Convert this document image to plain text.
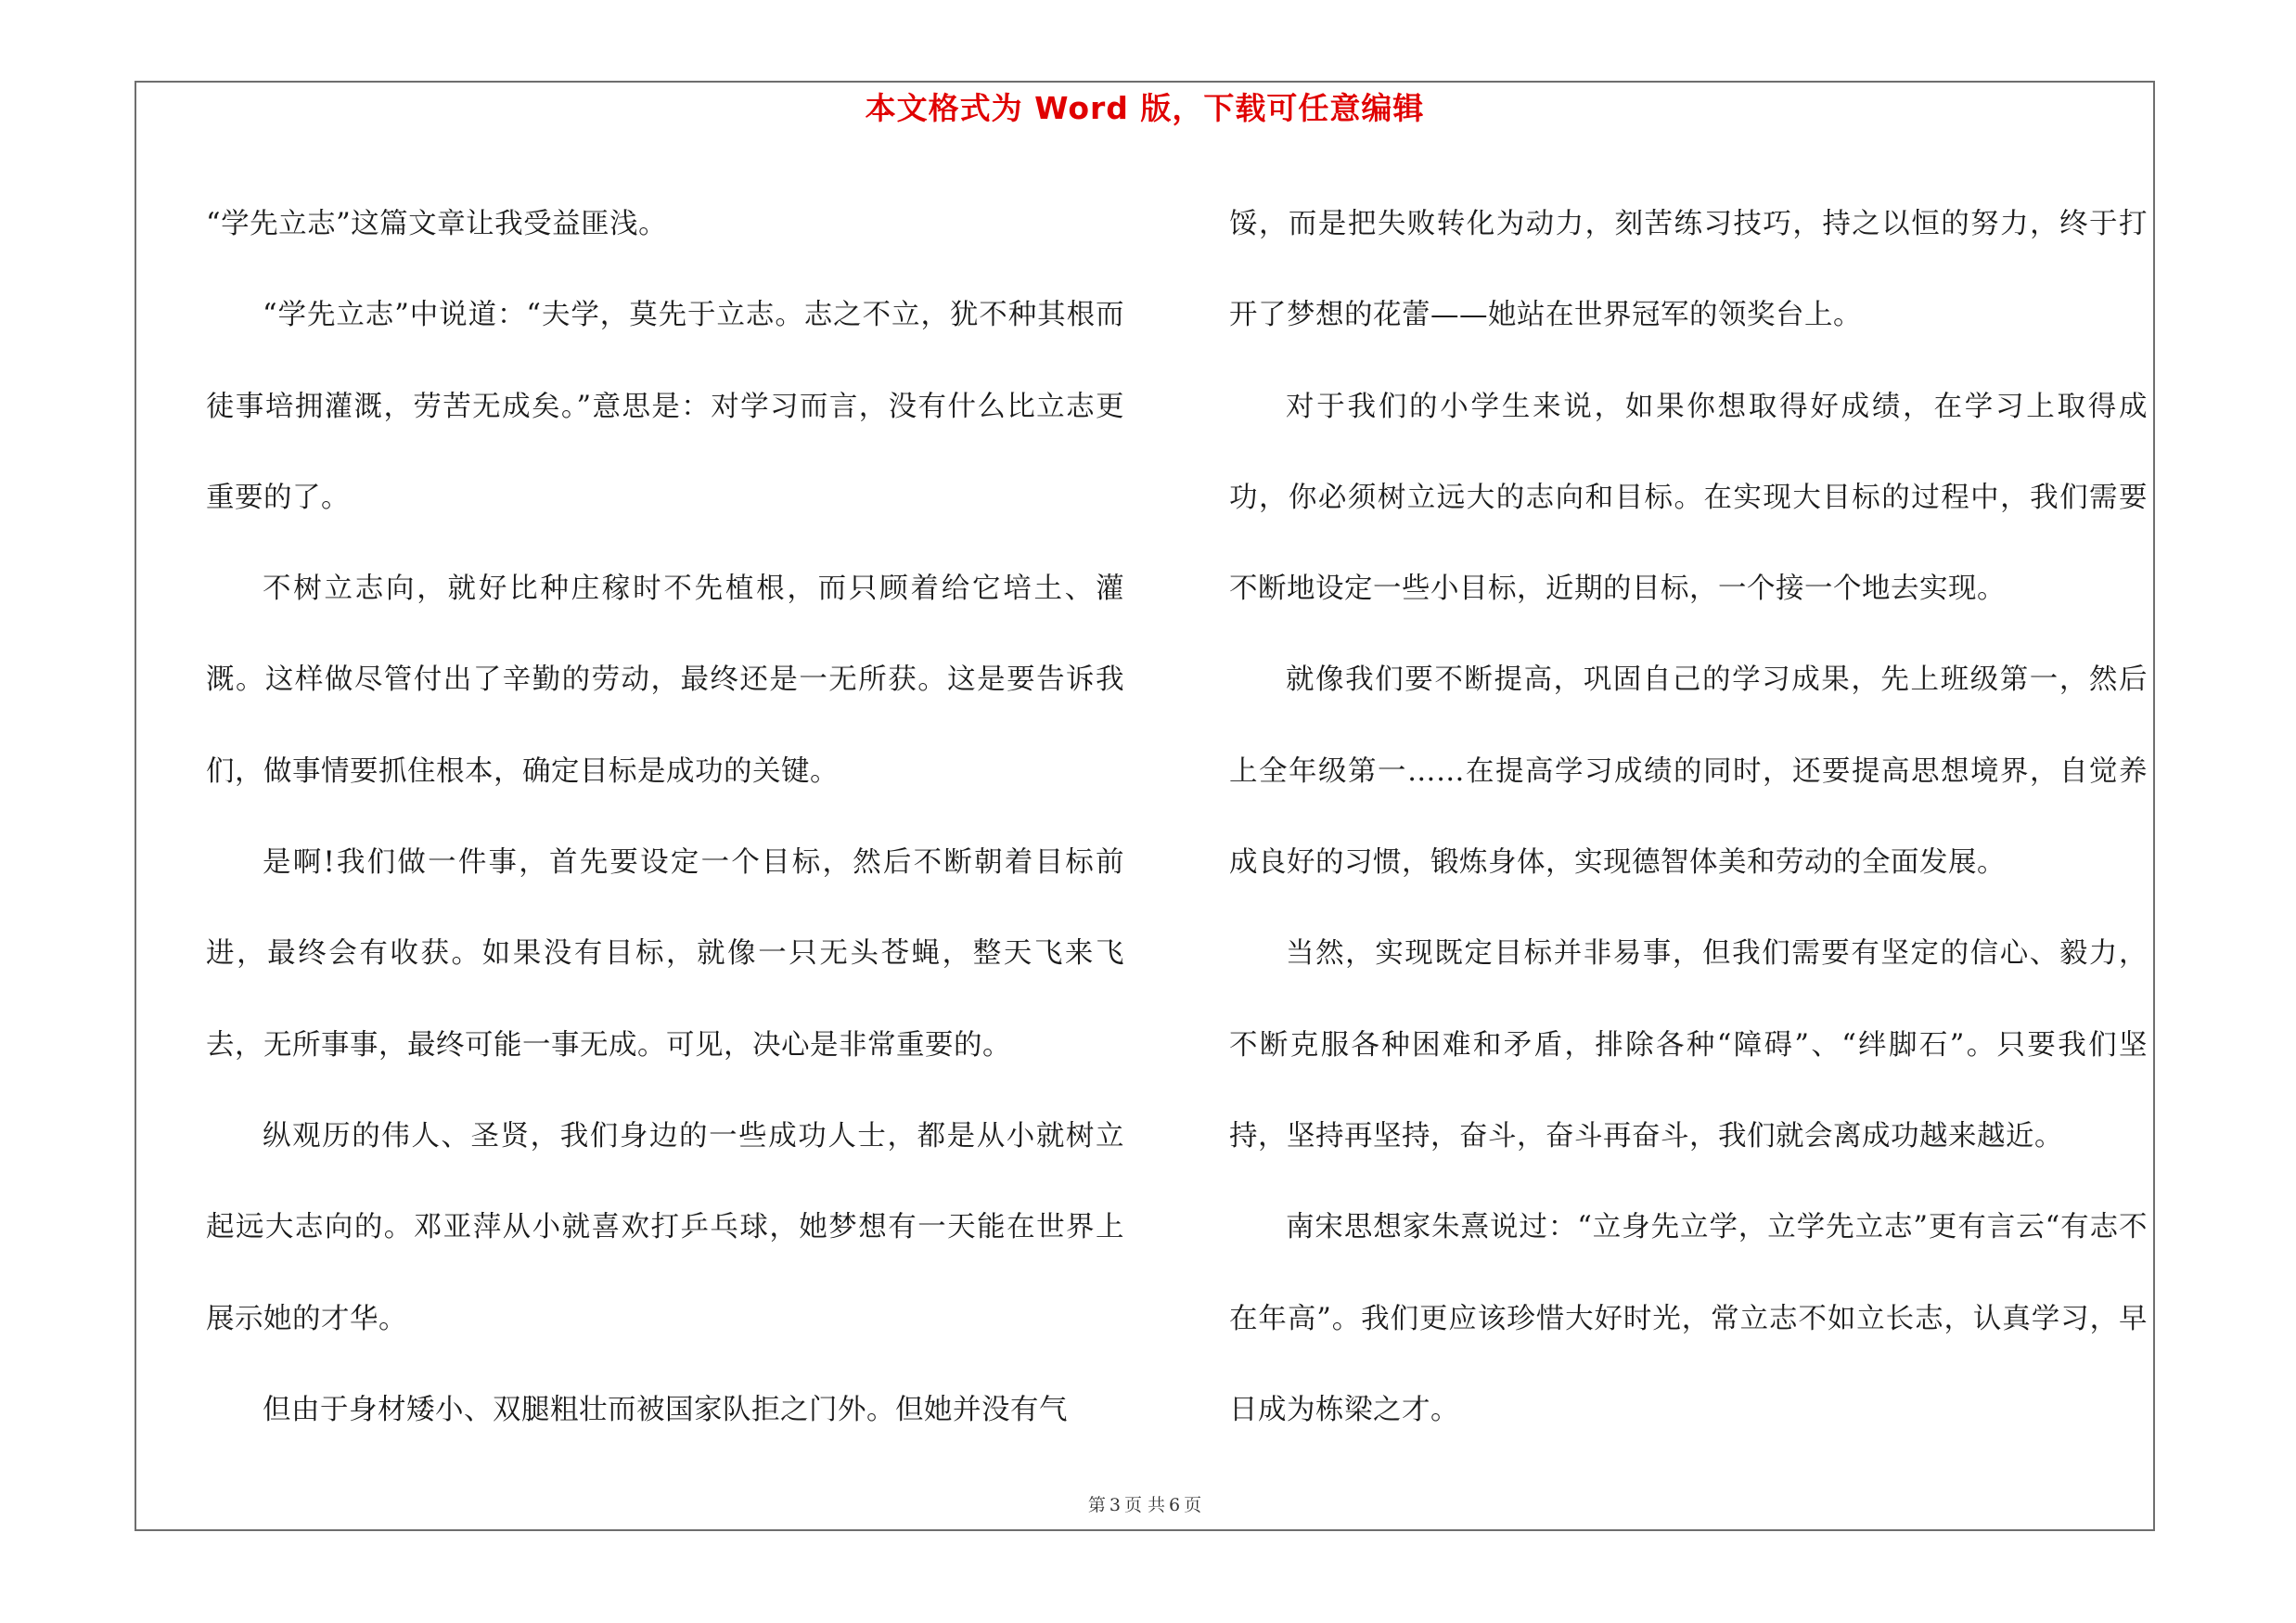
本文格式为 Word 版，下载可任意编辑

“学先立志”这篇文章让我受益匪浅。

“学先立志”中说道：“夫学，莫先于立志。志之不立，犹不种其根而徒事培拥灌溉，劳苦无成矣。”意思是：对学习而言，没有什么比立志更重要的了。

不树立志向，就好比种庄稼时不先植根，而只顾着给它培土、灌溉。这样做尽管付出了辛勤的劳动，最终还是一无所获。这是要告诉我们，做事情要抓住根本，确定目标是成功的关键。

是啊!我们做一件事，首先要设定一个目标，然后不断朝着目标前进，最终会有收获。如果没有目标，就像一只无头苍蝇，整天飞来飞去，无所事事，最终可能一事无成。可见，决心是非常重要的。

纵观历的伟人、圣贤，我们身边的一些成功人士，都是从小就树立起远大志向的。邓亚萍从小就喜欢打乒乓球，她梦想有一天能在世界上展示她的才华。

但由于身材矮小、双腿粗壮而被国家队拒之门外。但她并没有气

馁，而是把失败转化为动力，刻苦练习技巧，持之以恒的努力，终于打开了梦想的花蕾——她站在世界冠军的领奖台上。

对于我们的小学生来说，如果你想取得好成绩，在学习上取得成功，你必须树立远大的志向和目标。在实现大目标的过程中，我们需要不断地设定一些小目标，近期的目标，一个接一个地去实现。

就像我们要不断提高，巩固自己的学习成果，先上班级第一，然后上全年级第一……在提高学习成绩的同时，还要提高思想境界，自觉养成良好的习惯，锻炼身体，实现德智体美和劳动的全面发展。

当然，实现既定目标并非易事，但我们需要有坚定的信心、毅力，不断克服各种困难和矛盾，排除各种“障碍”、“绊脚石”。只要我们坚持，坚持再坚持，奋斗，奋斗再奋斗，我们就会离成功越来越近。

南宋思想家朱熹说过：“立身先立学，立学先立志”更有言云“有志不在年高”。我们更应该珍惜大好时光，常立志不如立长志，认真学习，早日成为栋梁之才。

第 3 页 共 6 页
